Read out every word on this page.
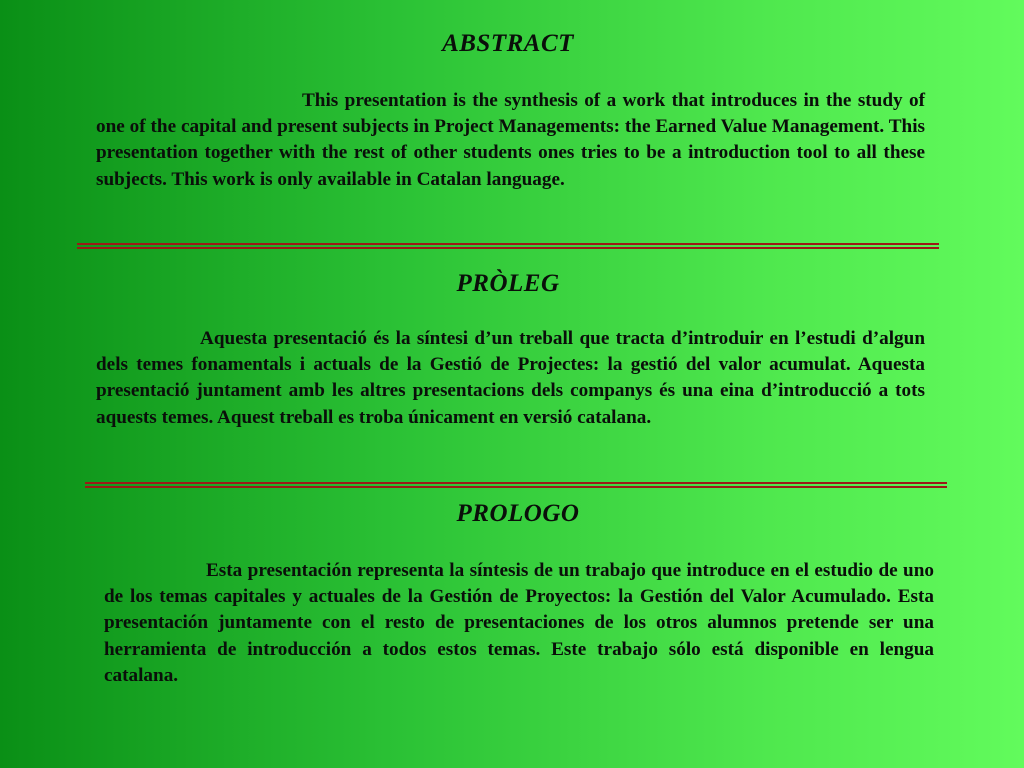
ABSTRACT

This presentation is the synthesis of a work that introduces in the study of one of the capital and present subjects in Project Managements: the Earned Value Management. This presentation together with the rest of other students ones tries to be a introduction tool to all these subjects. This work is only available in Catalan language.

PRÒLEG

Aquesta presentació és la síntesi d’un treball que tracta d’introduir en l’estudi d’algun dels temes fonamentals i actuals de la Gestió de Projectes: la gestió del valor acumulat. Aquesta presentació juntament amb les altres presentacions dels companys és una eina d’introducció a tots aquests temes. Aquest treball es troba únicament en versió catalana.

PROLOGO

Esta presentación representa la síntesis de un trabajo que introduce en el estudio de uno de los temas capitales y actuales de la Gestión de Proyectos: la Gestión del Valor Acumulado. Esta presentación juntamente con el resto de presentaciones de los otros alumnos pretende ser una herramienta de introducción a todos estos temas. Este trabajo sólo está disponible en lengua catalana.
